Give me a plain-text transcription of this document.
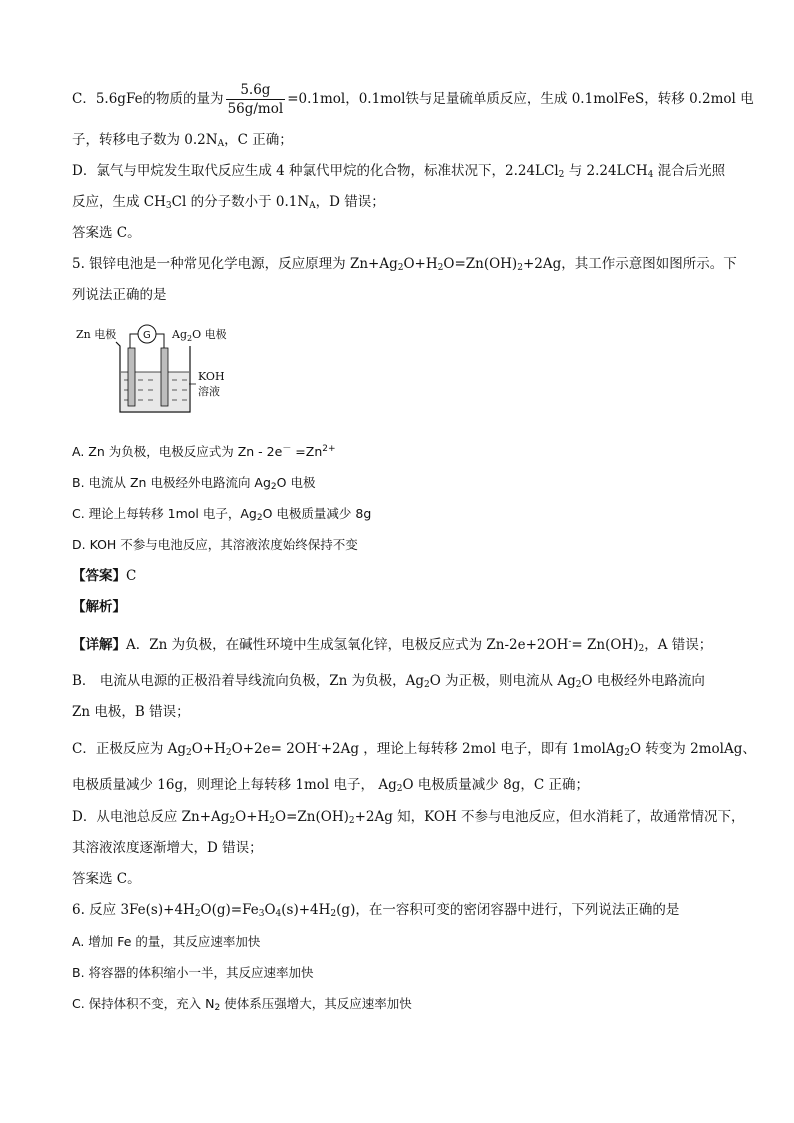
C．5.6gFe的物质的量为 $\frac{5.6g}{\text{56g/mol}} =0.1mol$，0.1mol铁与足量硫单质反应，生成 0.1molFeS，转移 0.2mol 电
子，转移电子数为 $0.2N_A$，C 正确；
D．氯气与甲烷发生取代反应生成 4 种氯代甲烷的化合物，标准状况下，2.24LCl$_2$ 与 $2.24LCH_4$ 混合后光照
反应，生成 $CH_3Cl$ 的分子数小于 $0.1N_A$，D 错误；
答案选 C。
5. 银锌电池是一种常见化学电源，反应原理为 $Zn+Ag_2O+H_2O=Zn(OH)_2+2Ag$，其工作示意图如图所示。下
列说法正确的是
Zn 电极	$Ag_2O$ 电极
G
KOH
溶液
A. Zn 为负极，电极反应式为 $Zn - 2e^- =Zn^{2+}$
B. 电流从 Zn 电极经外电路流向 $Ag_2O$ 电极
C. 理论上每转移 1mol 电子，$Ag_2O$ 电极质量减少 8g
D. KOH 不参与电池反应，其溶液浓度始终保持不变
【答案】C
【解析】
【详解】A．Zn 为负极，在碱性环境中生成氢氧化锌，电极反应式为 $Zn-2e+2OH^-= Zn(OH)_2$，A 错误；
B． 电流从电源的正极沿着导线流向负极，Zn 为负极，$Ag_2O$ 为正极，则电流从 $Ag_2O$ 电极经外电路流向
Zn 电极，B 错误；
C．正极反应为 $Ag_2O+H_2O+2e= 2OH^-+2Ag$ ，理论上每转移 2mol 电子，即有 1molAg$_2$O 转变为 2molAg、
电极质量减少 16g，则理论上每转移 1mol 电子， $Ag_2O$ 电极质量减少 8g，C 正确；
D．从电池总反应 $Zn+Ag_2O+H_2O=Zn(OH)_2+2Ag$ 知，KOH 不参与电池反应，但水消耗了，故通常情况下，
其溶液浓度逐渐增大，D 错误；
答案选 C。
6. 反应 $3Fe(s)+4H_2O(g)=Fe_3O_4(s)+4H_2(g)$，在一容积可变的密闭容器中进行，下列说法正确的是
A. 增加 Fe 的量，其反应速率加快
B. 将容器的体积缩小一半，其反应速率加快
C. 保持体积不变，充入 $N_2$ 使体系压强增大，其反应速率加快
